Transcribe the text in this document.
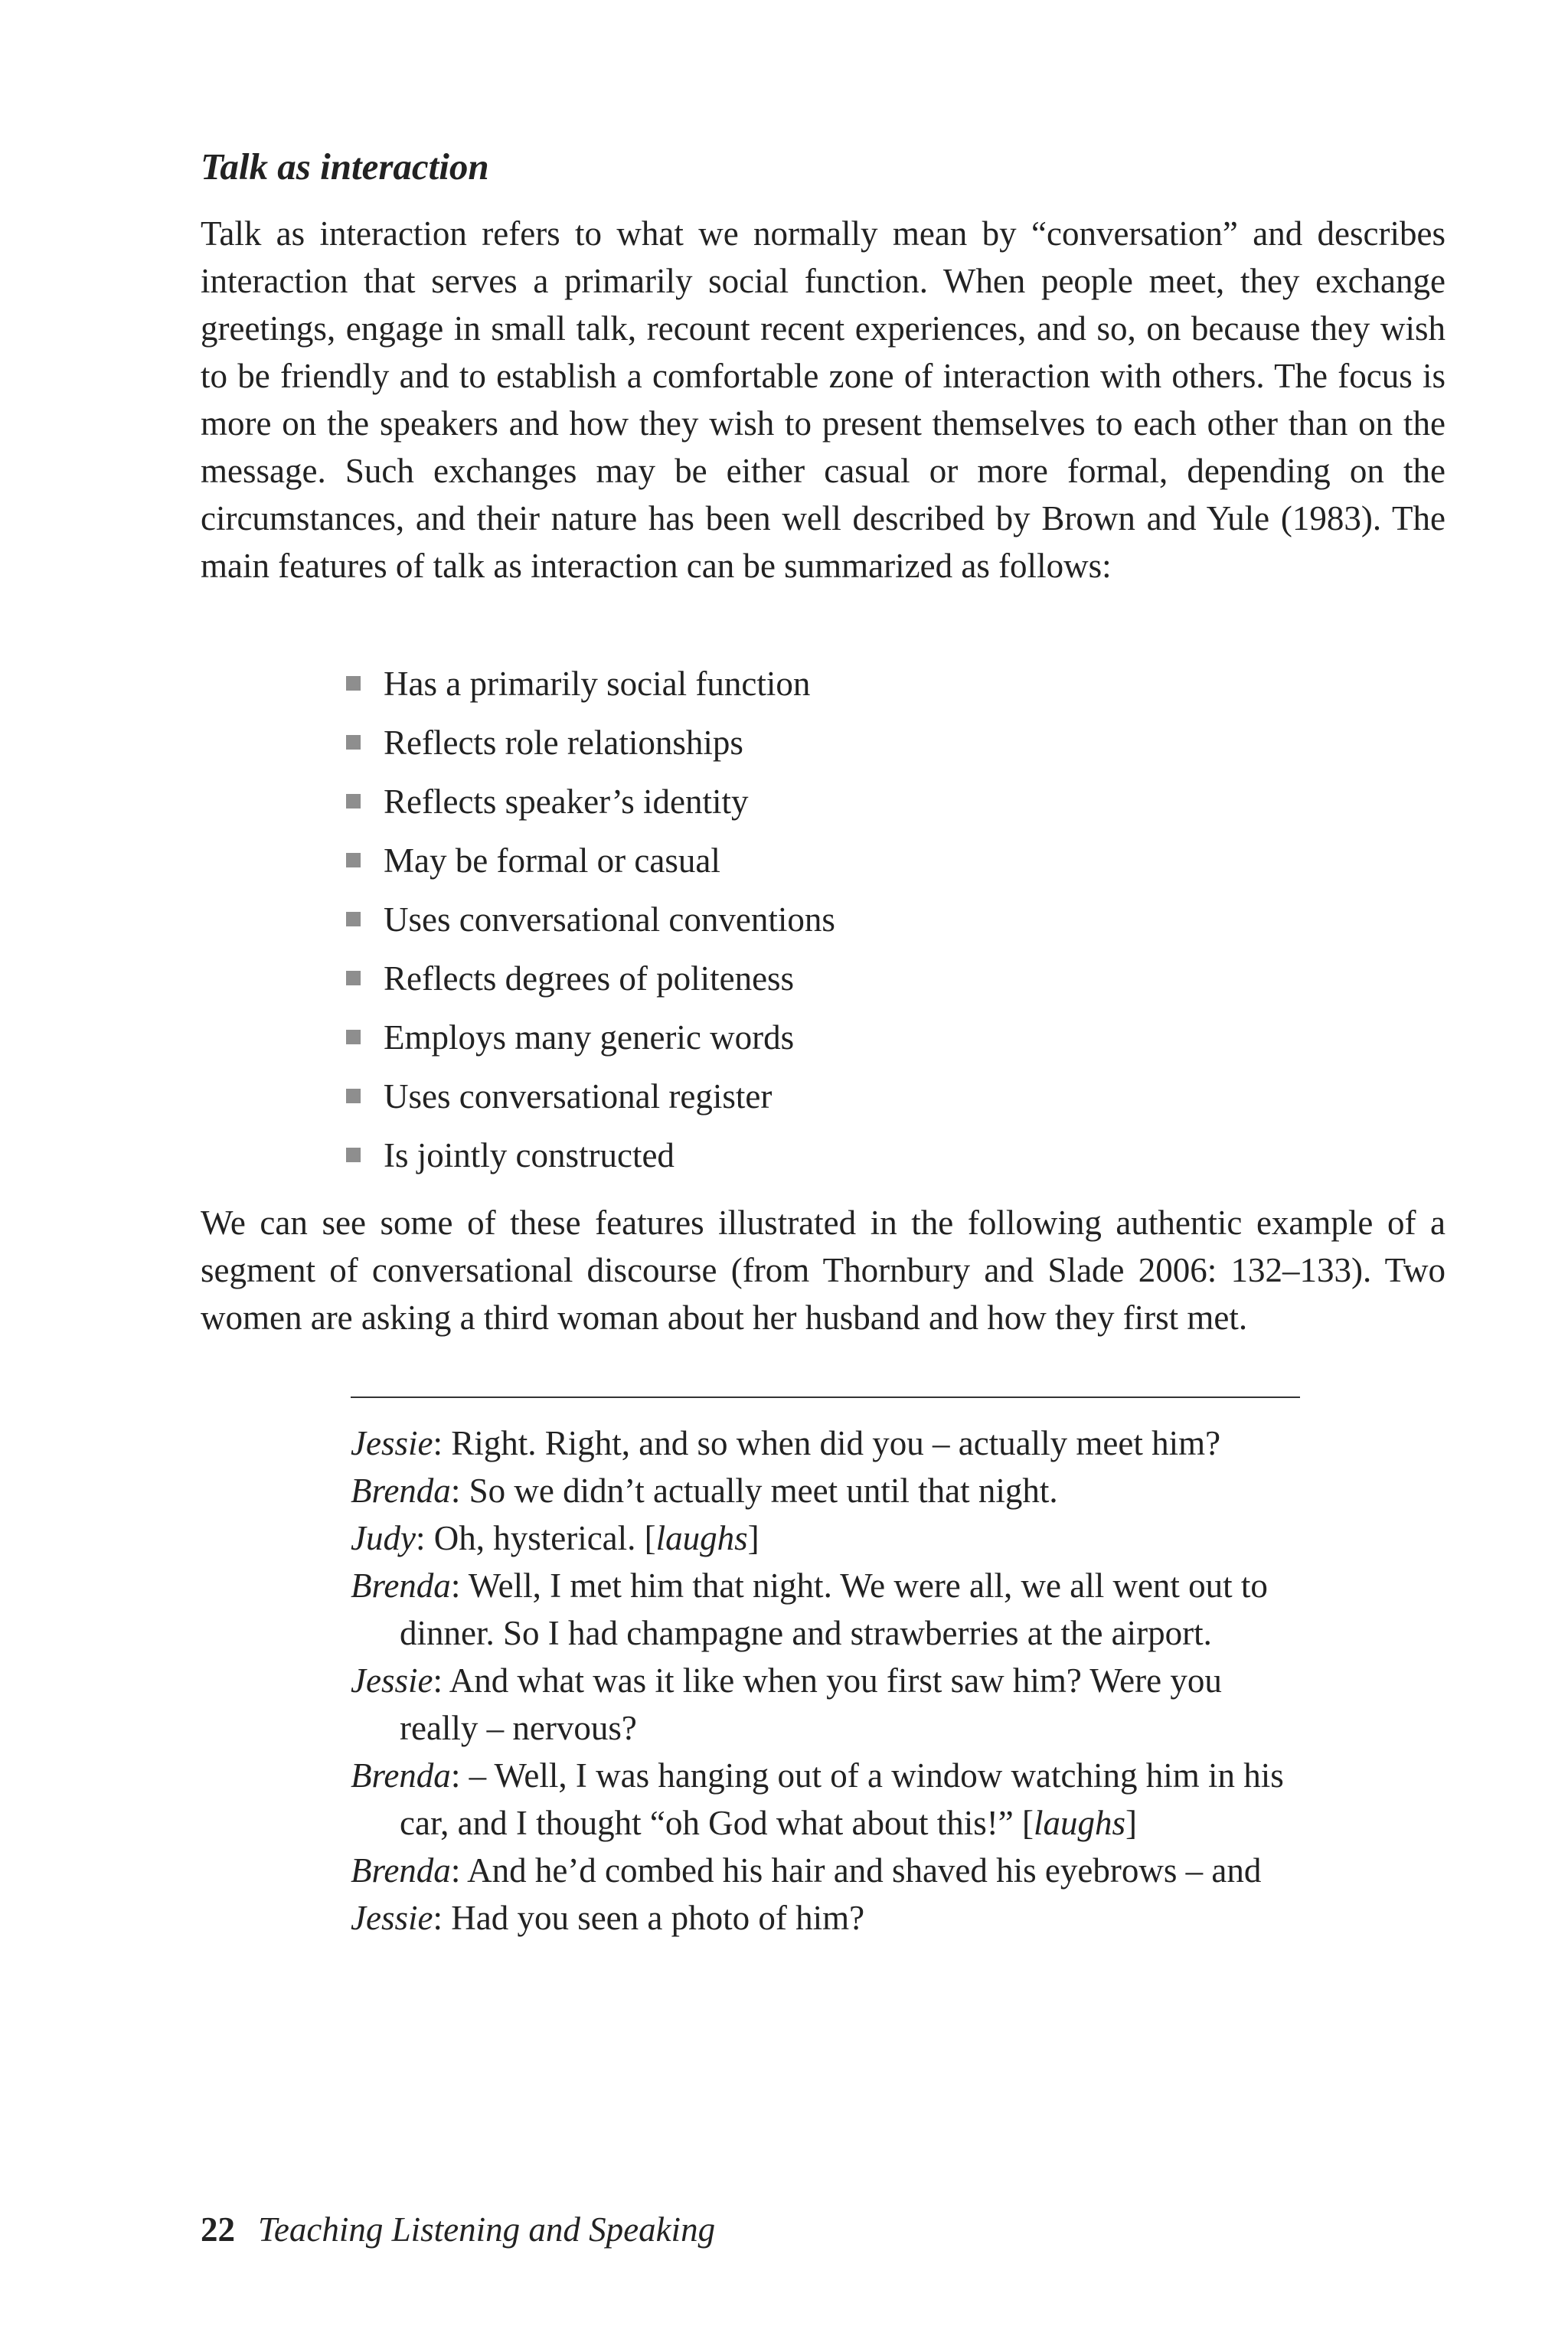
Talk as interaction

Talk as interaction refers to what we normally mean by “conversation” and describes interaction that serves a primarily social function. When people meet, they exchange greetings, engage in small talk, recount recent experiences, and so, on because they wish to be friendly and to establish a comfortable zone of interaction with others. The focus is more on the speakers and how they wish to present themselves to each other than on the message. Such exchanges may be either casual or more formal, depending on the circumstances, and their nature has been well described by Brown and Yule (1983). The main features of talk as interaction can be summarized as follows:

Has a primarily social function
Reflects role relationships
Reflects speaker’s identity
May be formal or casual
Uses conversational conventions
Reflects degrees of politeness
Employs many generic words
Uses conversational register
Is jointly constructed

We can see some of these features illustrated in the following authentic example of a segment of conversational discourse (from Thornbury and Slade 2006: 132–133). Two women are asking a third woman about her husband and how they first met.

Jessie: Right. Right, and so when did you – actually meet him?

Brenda: So we didn’t actually meet until that night.

Judy: Oh, hysterical. [laughs]

Brenda: Well, I met him that night. We were all, we all went out to dinner. So I had champagne and strawberries at the airport.

Jessie: And what was it like when you first saw him? Were you really – nervous?

Brenda: – Well, I was hanging out of a window watching him in his car, and I thought “oh God what about this!” [laughs]

Brenda: And he’d combed his hair and shaved his eyebrows – and

Jessie: Had you seen a photo of him?

22 Teaching Listening and Speaking
